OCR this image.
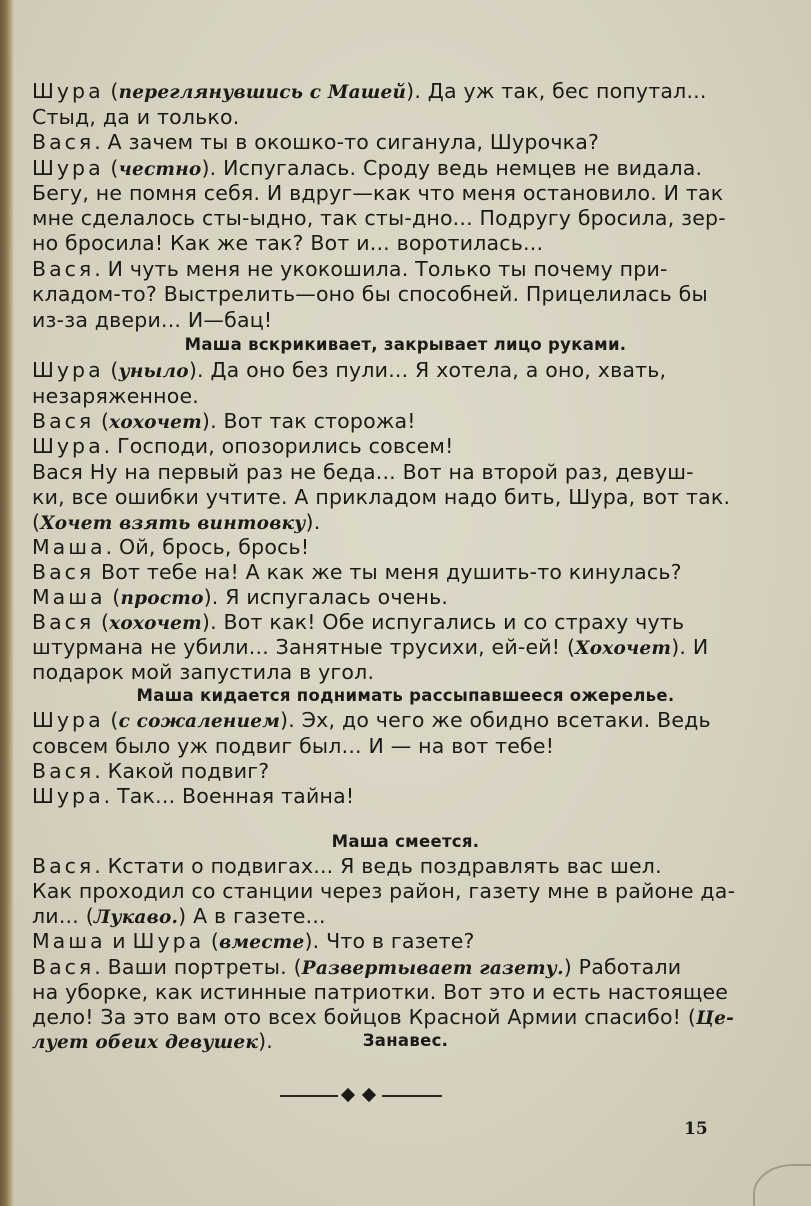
Шура (переглянувшись с Машей). Да уж так, бес попутал...
Стыд, да и только.
Вася. А зачем ты в окошко-то сиганула, Шурочка?
Шура (честно). Испугалась. Сроду ведь немцев не видала.
Бегу, не помня себя. И вдруг—как что меня остановило. И так
мне сделалось сты-ыдно, так сты-дно... Подругу бросила, зер-
но бросила! Как же так? Вот и... воротилась...
Вася. И чуть меня не укокошила. Только ты почему при-
кладом-то? Выстрелить—оно бы способней. Прицелилась бы
из-за двери... И—бац!
Маша вскрикивает, закрывает лицо руками.
Шура (уныло). Да оно без пули... Я хотела, а оно, хвать,
незаряженное.
Вася (хохочет). Вот так сторожа!
Шура. Господи, опозорились совсем!
Вася Ну на первый раз не беда... Вот на второй раз, девуш-
ки, все ошибки учтите. А прикладом надо бить, Шура, вот так.
(Хочет взять винтовку).
Маша. Ой, брось, брось!
Вася Вот тебе на! А как же ты меня душить-то кинулась?
Маша (просто). Я испугалась очень.
Вася (хохочет). Вот как! Обе испугались и со страху чуть
штурмана не убили... Занятные трусихи, ей-ей! (Хохочет). И
подарок мой запустила в угол.
Маша кидается поднимать рассыпавшееся ожерелье.
Шура (с сожалением). Эх, до чего же обидно всетаки. Ведь
совсем было уж подвиг был... И — на вот тебе!
Вася. Какой подвиг?
Шура. Так... Военная тайна!
Маша смеется.
Вася. Кстати о подвигах... Я ведь поздравлять вас шел.
Как проходил со станции через район, газету мне в районе да-
ли... (Лукаво.) А в газете...
Маша и Шура (вместе). Что в газете?
Вася. Ваши портреты. (Развертывает газету.) Работали
на уборке, как истинные патриотки. Вот это и есть настоящее
дело! За это вам ото всех бойцов Красной Армии спасибо! (Це-
лует обеих девушек).	Занавес.
15
